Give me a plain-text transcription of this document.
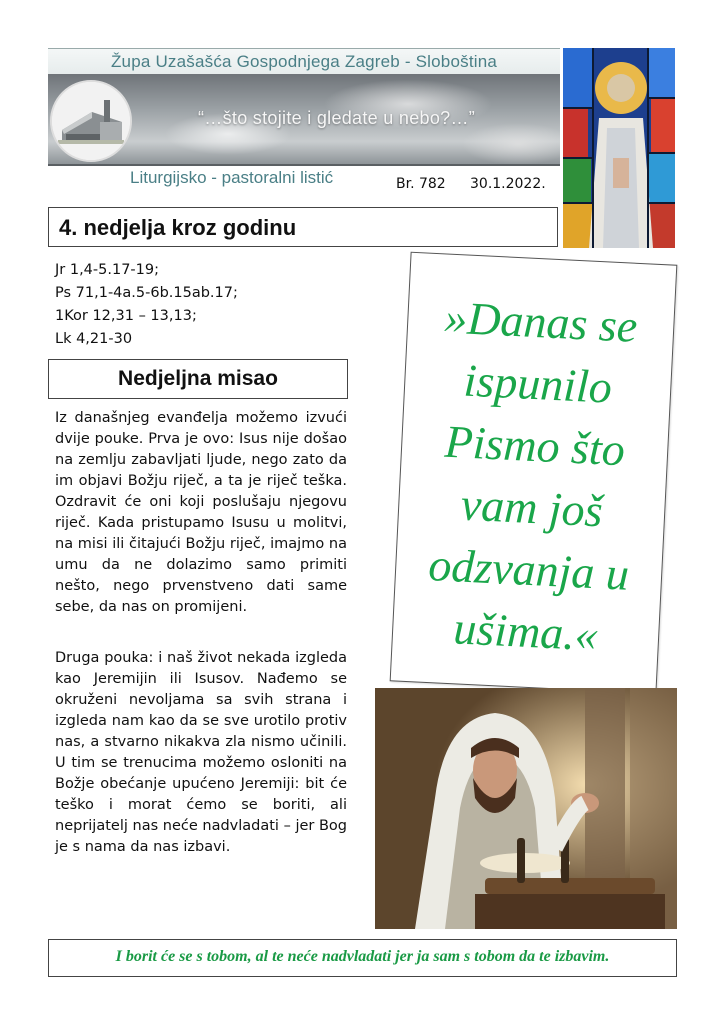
Župa Uzašašća Gospodnjega Zagreb - Sloboština
“…što stojite i gledate u nebo?…”
Liturgijsko - pastoralni listić	Br. 782 30.1.2022.
4. nedjelja kroz godinu
Jr 1,4-5.17-19;
Ps 71,1-4a.5-6b.15ab.17;
1Kor 12,31 – 13,13;
Lk 4,21-30
Nedjeljna misao

Iz današnjeg evanđelja možemo izvući dvije pouke. Prva je ovo: Isus nije došao na zemlju zabavljati ljude, nego zato da im objavi Božju riječ, a ta je riječ teška. Ozdravit će oni koji poslušaju njegovu riječ. Kada pristupamo Isusu u molitvi, na misi ili čitajući Božju riječ, imajmo na umu da ne dolazimo samo primiti nešto, nego prvenstveno dati same sebe, da nas on promijeni.

Druga pouka: i naš život nekada izgleda kao Jeremijin ili Isusov. Nađemo se okruženi nevoljama sa svih strana i izgleda nam kao da se sve urotilo protiv nas, a stvarno nikakva zla nismo učinili. U tim se trenucima možemo osloniti na Božje obećanje upućeno Jeremiji: bit će teško i morat ćemo se boriti, ali neprijatelj nas neće nadvladati – jer Bog je s nama da nas izbavi.

»Danas se ispunilo Pismo što vam još odzvanja u ušima.«
I borit će se s tobom, al te neće nadvladati jer ja sam s tobom da te izbavim.
